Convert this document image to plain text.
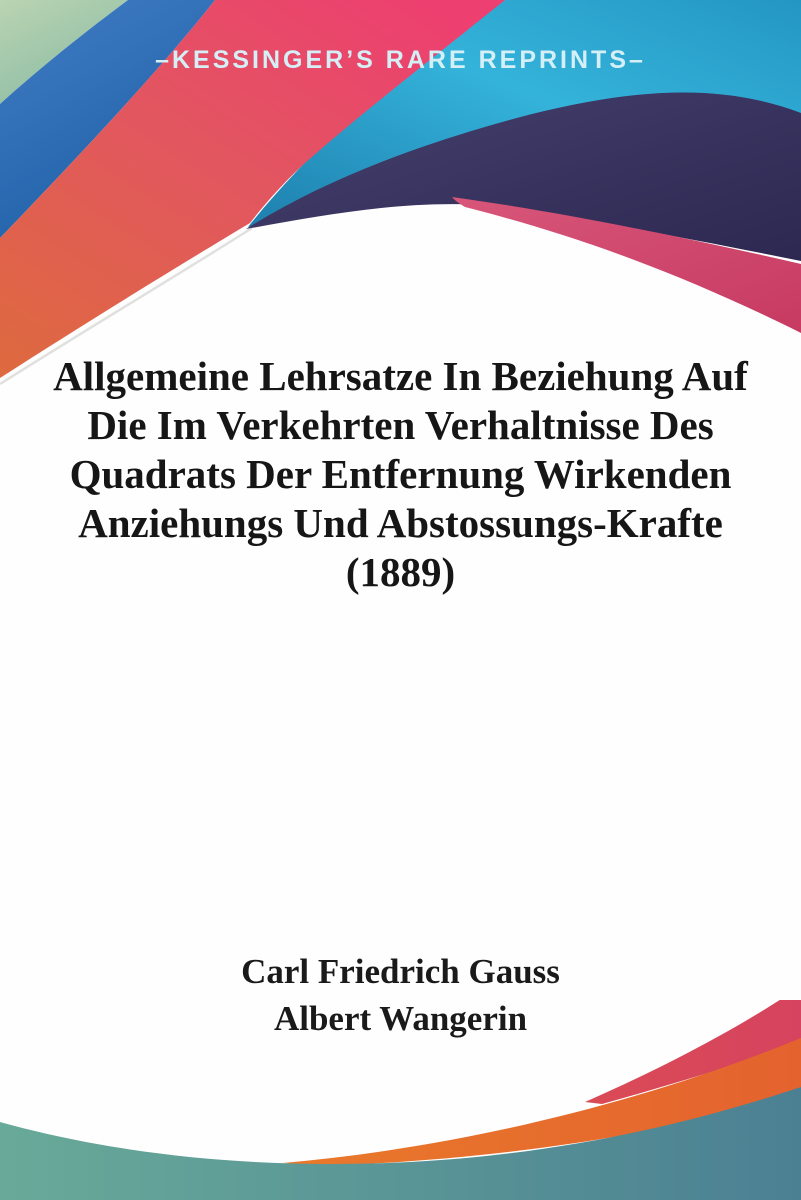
–KESSINGER’S RARE REPRINTS–
Allgemeine Lehrsatze In Beziehung Auf
Die Im Verkehrten Verhaltnisse Des
Quadrats Der Entfernung Wirkenden
Anziehungs Und Abstossungs-Krafte
(1889)
Carl Friedrich Gauss
Albert Wangerin
